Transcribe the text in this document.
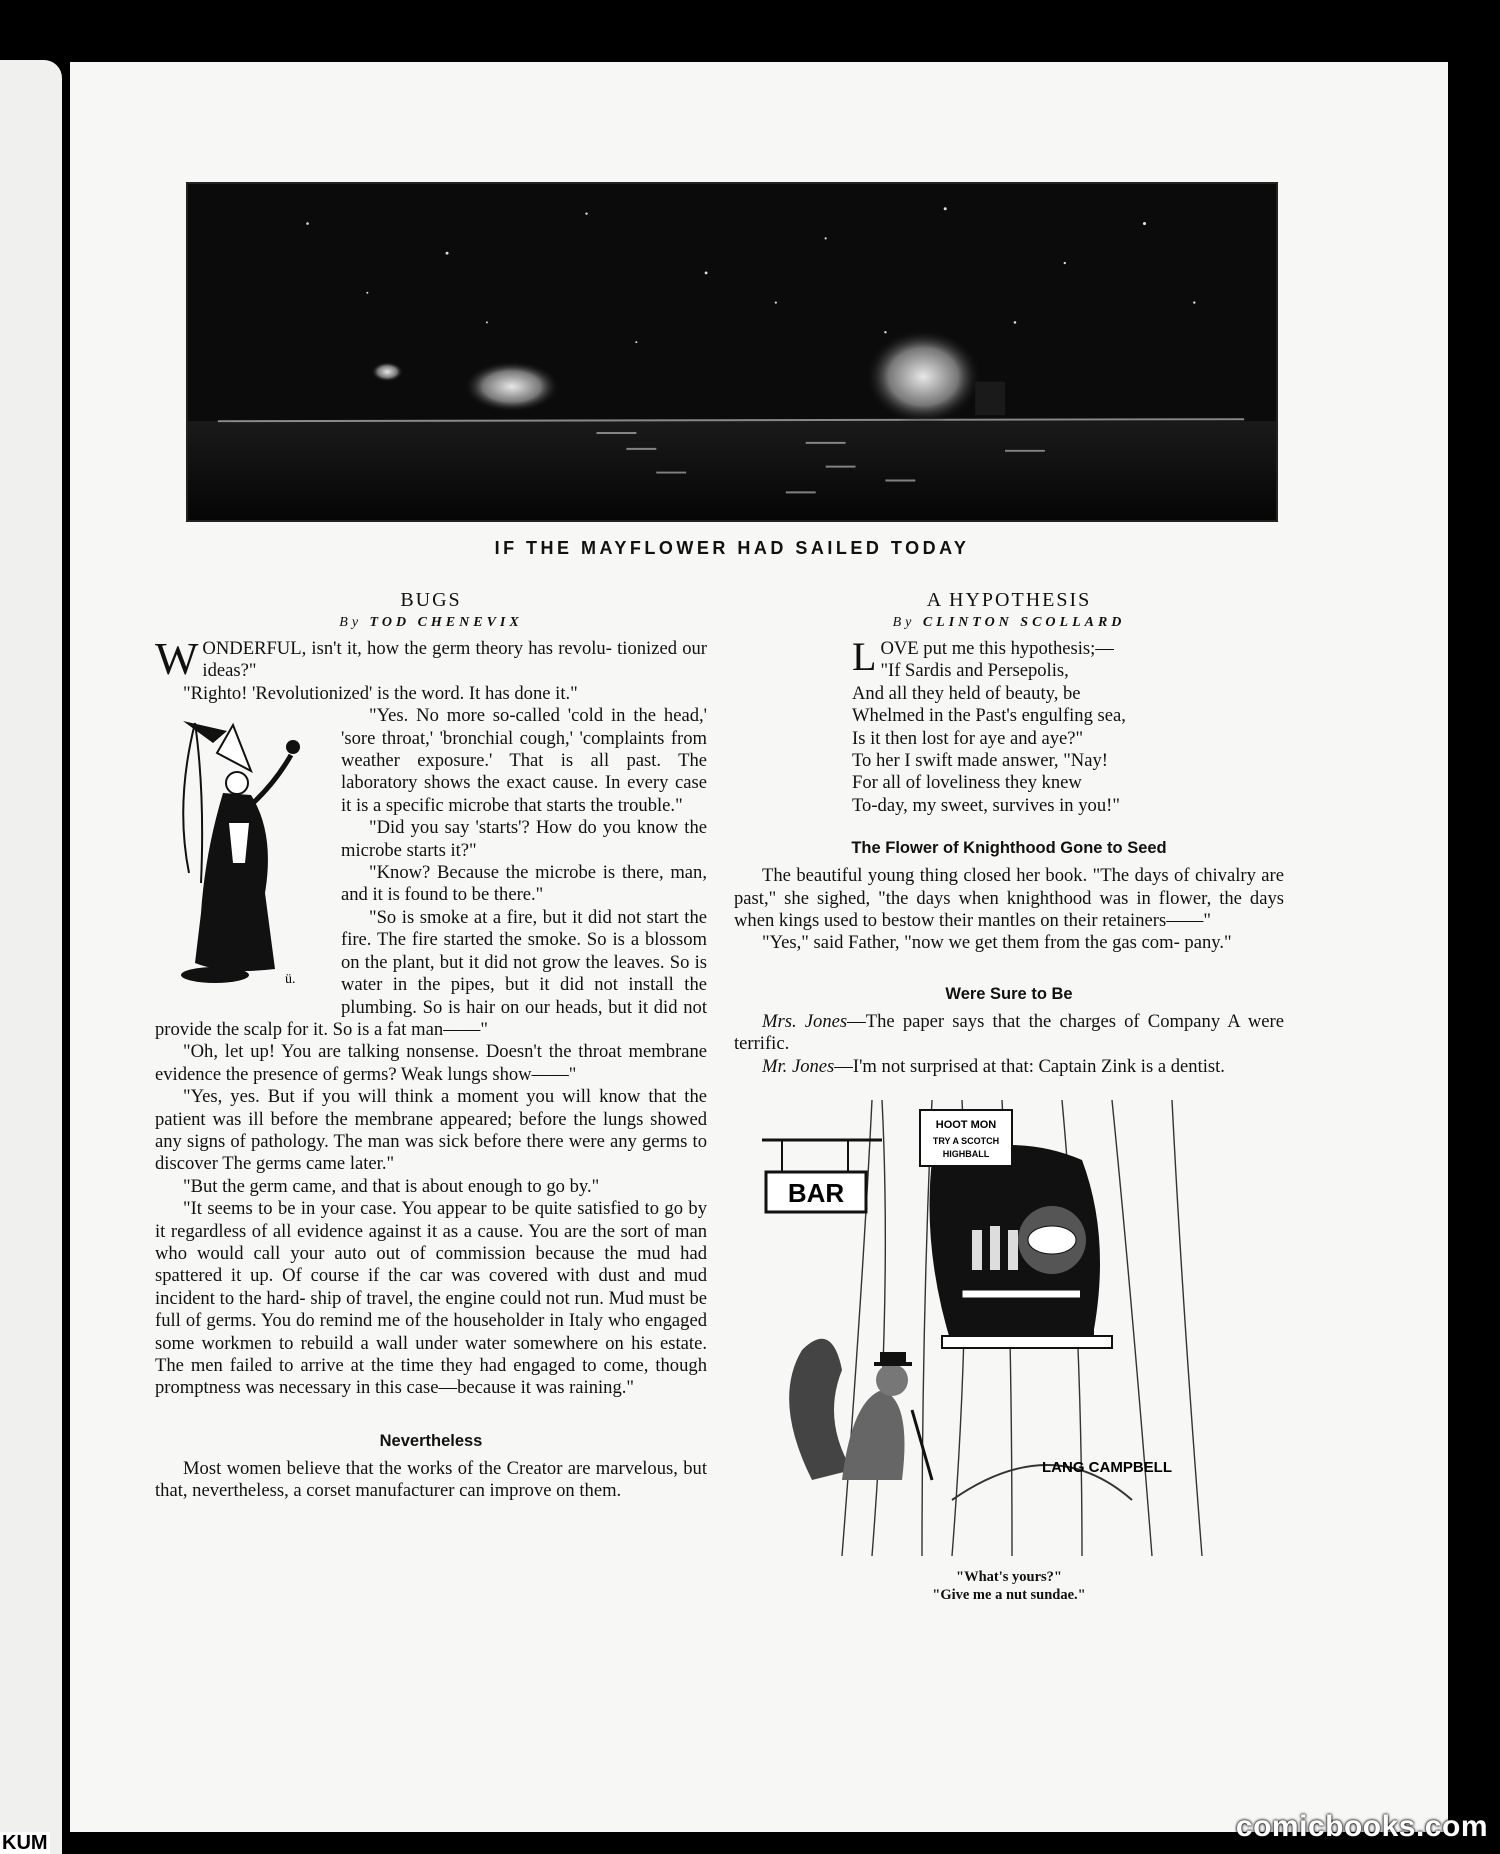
KUM
IF THE MAYFLOWER HAD SAILED TODAY
BUGS
By TOD CHENEVIX

WONDERFUL, isn't it, how the germ theory has revolu- tionized our ideas?"

"Righto! 'Revolutionized' is the word. It has done it."

ü.

"Yes. No more so-called 'cold in the head,' 'sore throat,' 'bronchial cough,' 'complaints from weather exposure.' That is all past. The laboratory shows the exact cause. In every case it is a specific microbe that starts the trouble."

"Did you say 'starts'? How do you know the microbe starts it?"

"Know? Because the microbe is there, man, and it is found to be there."

"So is smoke at a fire, but it did not start the fire. The fire started the smoke. So is a blossom on the plant, but it did not grow the leaves. So is water in the pipes, but it did not install the plumbing. So is hair on our heads, but it did not provide the scalp for it. So is a fat man——"

"Oh, let up! You are talking nonsense. Doesn't the throat membrane evidence the presence of germs? Weak lungs show——"

"Yes, yes. But if you will think a moment you will know that the patient was ill before the membrane appeared; before the lungs showed any signs of pathology. The man was sick before there were any germs to discover The germs came later."

"But the germ came, and that is about enough to go by."

"It seems to be in your case. You appear to be quite satisfied to go by it regardless of all evidence against it as a cause. You are the sort of man who would call your auto out of commission because the mud had spattered it up. Of course if the car was covered with dust and mud incident to the hard- ship of travel, the engine could not run. Mud must be full of germs. You do remind me of the householder in Italy who engaged some workmen to rebuild a wall under water somewhere on his estate. The men failed to arrive at the time they had engaged to come, though promptness was necessary in this case—because it was raining."

Nevertheless

Most women believe that the works of the Creator are marvelous, but that, nevertheless, a corset manufacturer can improve on them.

A HYPOTHESIS
By CLINTON SCOLLARD
LOVE put me this hypothesis;—
"If Sardis and Persepolis,
And all they held of beauty, be
Whelmed in the Past's engulfing sea,
Is it then lost for aye and aye?"
To her I swift made answer, "Nay!
For all of loveliness they knew
To-day, my sweet, survives in you!"
The Flower of Knighthood Gone to Seed

The beautiful young thing closed her book. "The days of chivalry are past," she sighed, "the days when knighthood was in flower, the days when kings used to bestow their mantles on their retainers——"

"Yes," said Father, "now we get them from the gas com- pany."

Were Sure to Be

Mrs. Jones—The paper says that the charges of Company A were terrific.

Mr. Jones—I'm not surprised at that: Captain Zink is a dentist.

BAR
HOOT MON
TRY A SCOTCH
HIGHBALL
LANG CAMPBELL
"What's yours?"
"Give me a nut sundae."
comicbooks.com
